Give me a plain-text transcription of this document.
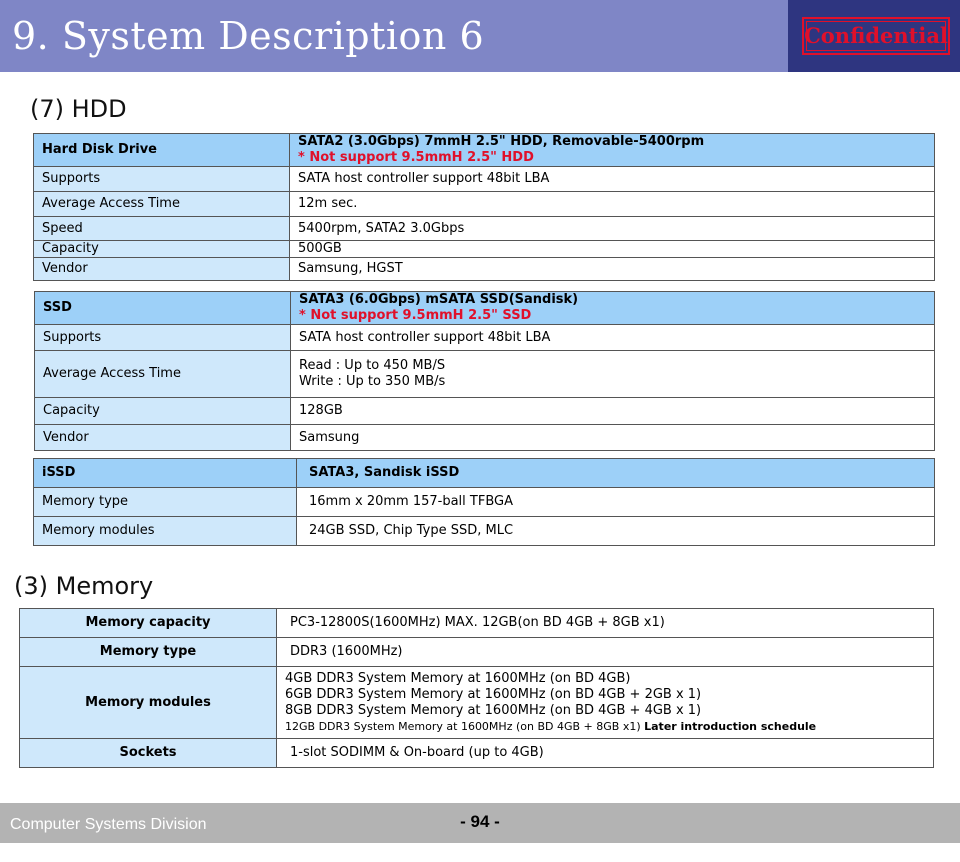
9. System Description 6	Confidential
(7) HDD
Hard Disk Drive	SATA2 (3.0Gbps) 7mmH 2.5" HDD, Removable-5400rpm
* Not support 9.5mmH 2.5" HDD

Supports	SATA host controller support 48bit LBA
Average Access Time	12m sec.
Speed	5400rpm, SATA2 3.0Gbps
Capacity	500GB
Vendor	Samsung, HGST
SSD	SATA3 (6.0Gbps) mSATA SSD(Sandisk)
* Not support 9.5mmH 2.5" SSD

Supports	SATA host controller support 48bit LBA
Average Access Time	Read : Up to 450 MB/S
Write : Up to 350 MB/s

Capacity	128GB
Vendor	Samsung
iSSD	SATA3, Sandisk iSSD
Memory type	16mm x 20mm 157-ball TFBGA
Memory modules	24GB SSD, Chip Type SSD, MLC
(3) Memory
Memory capacity	PC3-12800S(1600MHz) MAX. 12GB(on BD 4GB + 8GB x1)
Memory type	DDR3 (1600MHz)
Memory modules	4GB DDR3 System Memory at 1600MHz (on BD 4GB)
6GB DDR3 System Memory at 1600MHz (on BD 4GB + 2GB x 1)
8GB DDR3 System Memory at 1600MHz (on BD 4GB + 4GB x 1)
12GB DDR3 System Memory at 1600MHz (on BD 4GB + 8GB x1) Later introduction schedule

Sockets	1-slot SODIMM & On-board (up to 4GB)
Computer Systems Division	- 94 -
